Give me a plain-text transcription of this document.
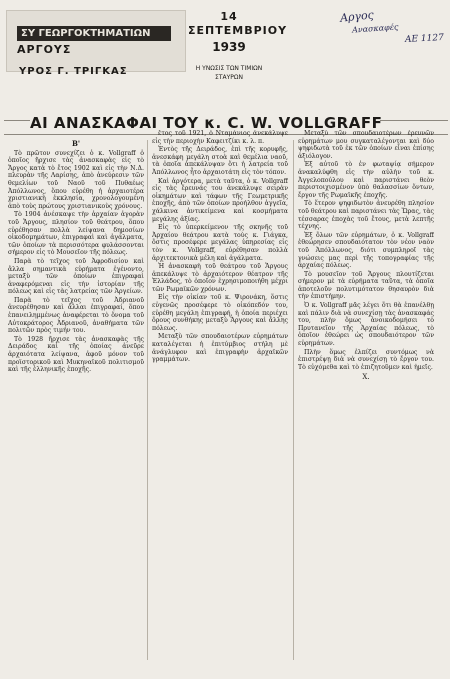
ΣΥ ΓΕΩΡΓΟΚΤΗΜΑΤΙΩΝ
ΑΡΓΟΥΣ
ΥΡΟΣ Γ. ΤΡΙΓΚΑΣ
14 ΣΕΠΤΕΜΒΡΙΟΥ
1939
Η ΥΝΩΣΙΣ ΤΩΝ ΤΙΜΙΩΝ ΣΤΑΥΡΩΝ
Αργος
Ανασκαφές
ΑΕ 1127
ΑΙ ΑΝΑΣΚΑΦΑΙ ΤΟΥ κ. C. W. VOLLGRAFF
Β'

Τὸ πρῶτον συνεχίζει ὁ κ. Vollgraff ὁ ὁποῖος ἤρχισε τὰς ἀνασκαφὰς εἰς τὸ Ἄργος κατὰ τὸ ἔτος 1902 καὶ εἰς τὴν Ν.Δ. πλευρὰν τῆς Λαρίσης, ἀπὸ ἀνεύρεσιν τῶν θεμελίων τοῦ Ναοῦ τοῦ Πυθαέως Ἀπόλλωνος, ὅπου εὑρέθη ἡ ἀρχαιοτέρα χριστιανικὴ ἐκκλησία, χρονολογουμένη ἀπὸ τοὺς πρώτους χριστιανικοὺς χρόνους.

Τὸ 1904 ἀνέσκαψε τὴν ἀρχαίαν ἀγορὰν τοῦ Ἄργους, πλησίον τοῦ θεάτρου, ὅπου εὑρέθησαν πολλὰ λείψανα δημοσίων οἰκοδομημάτων, ἐπιγραφαὶ καὶ ἀγάλματα, τῶν ὁποίων τὰ περισσότερα φυλάσσονται σήμερον εἰς τὸ Μουσεῖον τῆς πόλεως.

Παρὰ τὸ τεῖχος τοῦ Ἀφροδισίου καὶ ἄλλα σημαντικὰ εὑρήματα ἐγένοντο, μεταξὺ τῶν ὁποίων ἐπιγραφαὶ ἀναφερόμεναι εἰς τὴν ἱστορίαν τῆς πόλεως καὶ εἰς τὰς λατρείας τῶν Ἀργείων.

Παρὰ τὸ τεῖχος τοῦ Ἀδριανοῦ ἀνευρέθησαν καὶ ἄλλαι ἐπιγραφαί, ὅπου ἐπανειλημμένως ἀναφέρεται τὸ ὄνομα τοῦ Αὐτοκράτορος Ἀδριανοῦ, ἀναθήματα τῶν πολιτῶν πρὸς τιμήν του.

Τὸ 1928 ἤρχισε τὰς ἀνασκαφὰς τῆς Δειράδος καὶ τῆς ὁποίας ἀνεῦρε ἀρχαιότατα λείψανα, ἀφοῦ μόνον τοῦ προϊστορικοῦ καὶ Μυκηναϊκοῦ πολιτισμοῦ καὶ τῆς ἑλληνικῆς ἐποχῆς.

ἔτος τοῦ 1921, ὁ Νταμάνιος ἀνεκάλυψε εἰς τὴν περιοχὴν Καφειτζίκι κ. λ. π.

Ἐντὸς τῆς Δειράδος, ἐπὶ τῆς κορυφῆς, ἀνεσκάφη μεγάλη στοὰ καὶ θεμέλια ναοῦ, τὰ ὁποῖα ἀπεκάλυψαν ὅτι ἡ λατρεία τοῦ Ἀπόλλωνος ἦτο ἀρχαιοτάτη εἰς τὸν τόπον.

Καὶ ἀργότερα, μετὰ ταῦτα, ὁ κ. Vollgraff εἰς τὰς ἔρευνάς του ἀνεκάλυψε σειρὰν οἰκημάτων καὶ τάφων τῆς Γεωμετρικῆς ἐποχῆς, ἀπὸ τῶν ὁποίων προήλθον ἀγγεῖα, χάλκινα ἀντικείμενα καὶ κοσμήματα μεγάλης ἀξίας.

Εἰς τὸ ὑπερκείμενον τῆς σκηνῆς τοῦ Ἀρχαίου θεάτρου κατὰ τοὺς κ. Γιάγκα, ὅστις προσέφερε μεγάλας ὑπηρεσίας εἰς τὸν κ. Vollgraff, εὑρέθησαν πολλὰ ἀρχιτεκτονικὰ μέλη καὶ ἀγάλματα.

Ἡ ἀνασκαφὴ τοῦ θεάτρου τοῦ Ἄργους ἀπεκάλυψε τὸ ἀρχαιότερον θέατρον τῆς Ἑλλάδος, τὸ ὁποῖον ἐχρησιμοποιήθη μέχρι τῶν Ρωμαϊκῶν χρόνων.

Εἰς τὴν οἰκίαν τοῦ κ. Ψιρονάκη, ὅστις εὐγενῶς προσέφερε τὸ οἰκόπεδόν του, εὑρέθη μεγάλη ἐπιγραφή, ἡ ὁποία περιέχει ὅρους συνθήκης μεταξὺ Ἄργους καὶ ἄλλης πόλεως.

Μεταξὺ τῶν σπουδαιοτέρων εὑρημάτων καταλέγεται ἡ ἐπιτύμβιος στήλη μὲ ἀνάγλυφον καὶ ἐπιγραφὴν ἀρχαϊκῶν γραμμάτων.

Μεταξὺ τῶν σπουδαιοτέρων ἐρευνῶν εὑρημάτων μου συγκαταλέγονται καὶ δύο ψηφιδωτὰ τοῦ ἐκ τῶν ὁποίων εἶναι ἐπίσης ἀξιόλογον.

Ἐξ αὐτοῦ τὸ ἐν φωταψίᾳ σήμερον ἀνακαλύφθη εἰς τὴν αὐλὴν τοῦ κ. Ἀγγελοπούλου καὶ παριστάνει θεὸν περιστοιχισμένον ὑπὸ θαλασσίων ὄντων, ἔργον τῆς Ρωμαϊκῆς ἐποχῆς.

Τὸ ἕτερον ψηφιδωτὸν ἀνευρέθη πλησίον τοῦ θεάτρου καὶ παριστάνει τὰς Ὥρας, τὰς τέσσαρας ἐποχὰς τοῦ ἔτους, μετὰ λεπτῆς τέχνης.

Ἐξ ὅλων τῶν εὑρημάτων, ὁ κ. Vollgraff ἐθεώρησεν σπουδαιότατον τὸν νέον ναὸν τοῦ Ἀπόλλωνος, διότι συμπληροῖ τὰς γνώσεις μας περὶ τῆς τοπογραφίας τῆς ἀρχαίας πόλεως.

Τὸ μουσεῖον τοῦ Ἄργους πλουτίζεται σήμερον μὲ τὰ εὑρήματα ταῦτα, τὰ ὁποῖα ἀποτελοῦν πολυτιμότατον θησαυρὸν διὰ τὴν ἐπιστήμην.

Ὁ κ. Vollgraff μᾶς λέγει ὅτι θὰ ἐπανέλθῃ καὶ πάλιν διὰ νὰ συνεχίσῃ τὰς ἀνασκαφάς του, πλὴν ὅμως ἀνοικοδομήσει τὸ Πρυτανεῖον τῆς Ἀρχαίας πόλεως, τὸ ὁποῖον ἐθεώρει ὡς σπουδαιότερον τῶν εὑρημάτων.

Πλὴν ὅμως ἐλπίζει συντόμως νὰ ἐπιστρέψῃ διὰ νὰ συνεχίσῃ τὸ ἔργον του. Τὸ εὐχόμεθα καὶ τὸ ἐπιζητοῦμεν καὶ ἡμεῖς.

Χ.
